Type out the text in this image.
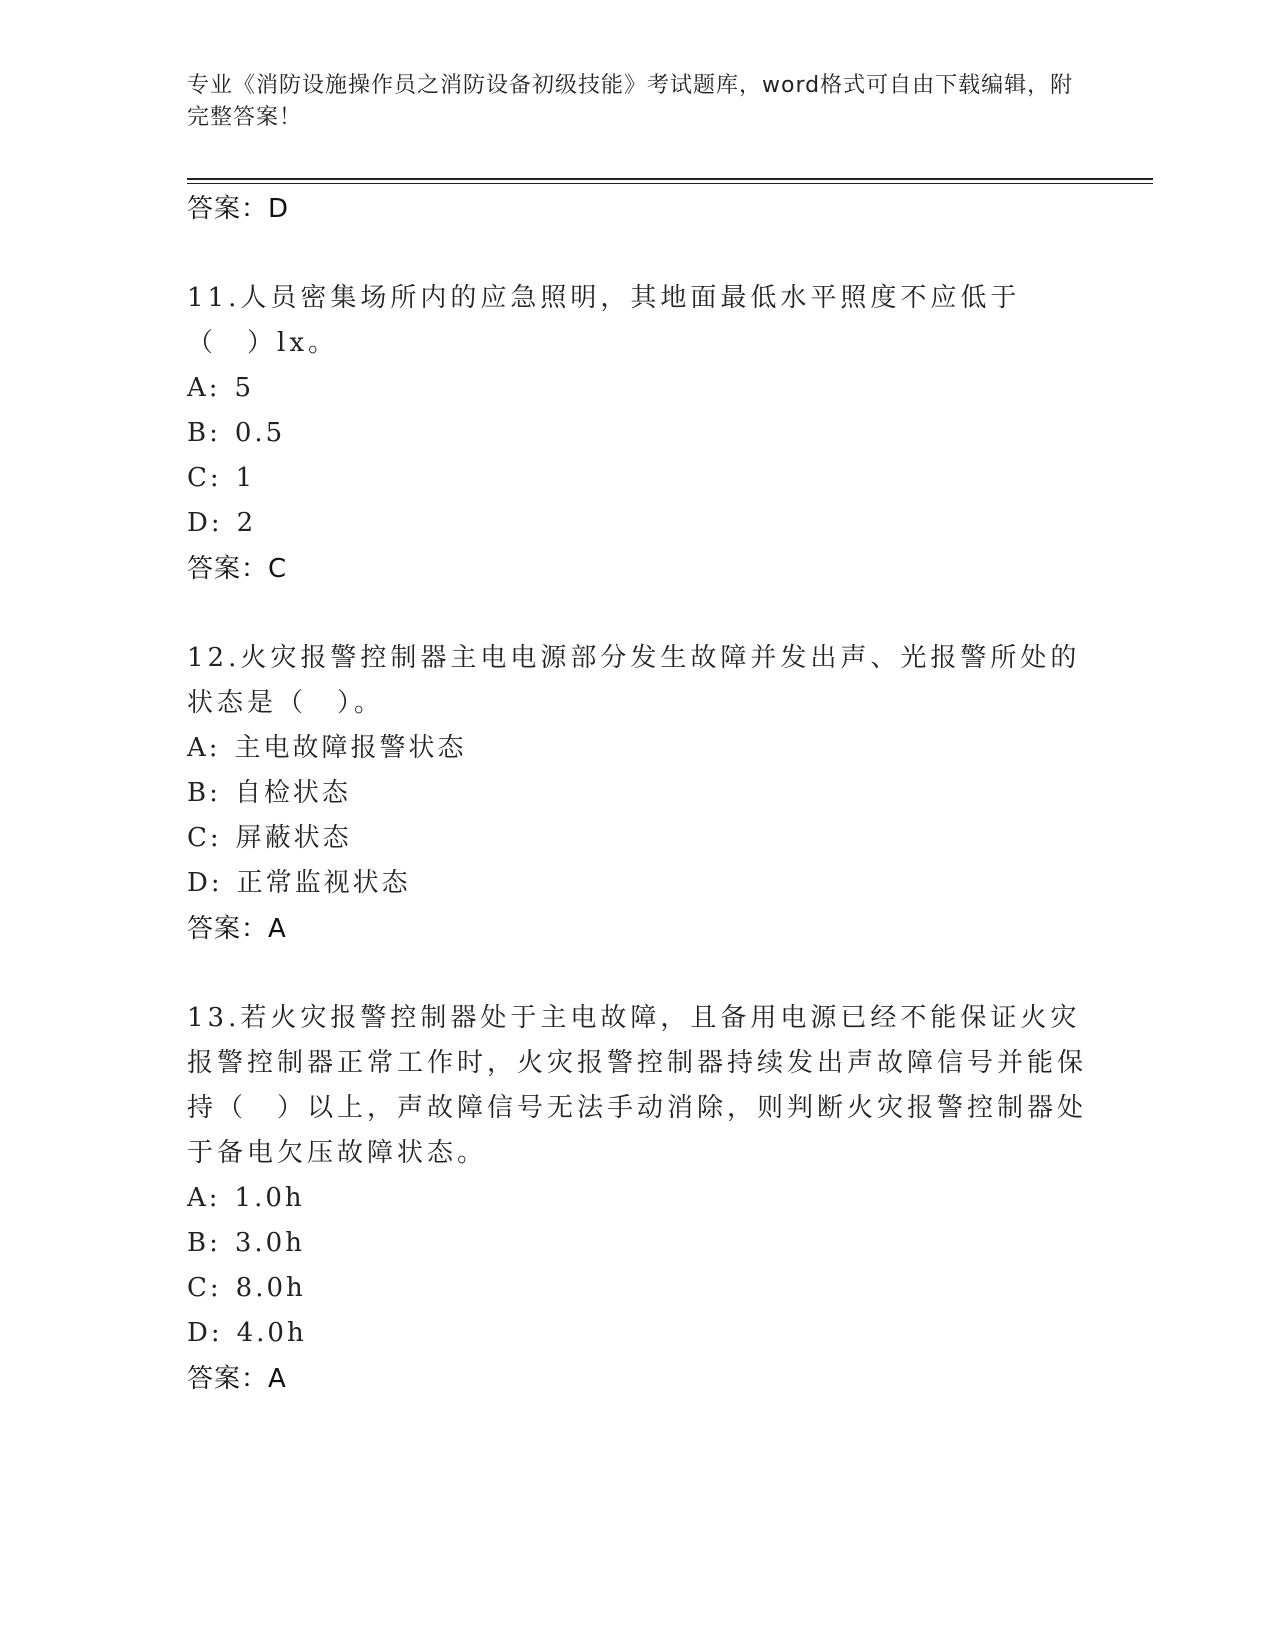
专业《消防设施操作员之消防设备初级技能》考试题库，word格式可自由下载编辑，附完整答案！
答案：D
11.人员密集场所内的应急照明，其地面最低水平照度不应低于（　）lx。
A: 5
B: 0.5
C: 1
D: 2
答案：C
12.火灾报警控制器主电电源部分发生故障并发出声、光报警所处的状态是（　）。
A: 主电故障报警状态
B: 自检状态
C: 屏蔽状态
D: 正常监视状态
答案：A
13.若火灾报警控制器处于主电故障，且备用电源已经不能保证火灾报警控制器正常工作时，火灾报警控制器持续发出声故障信号并能保持（　）以上，声故障信号无法手动消除，则判断火灾报警控制器处于备电欠压故障状态。
A: 1.0h
B: 3.0h
C: 8.0h
D: 4.0h
答案：A
